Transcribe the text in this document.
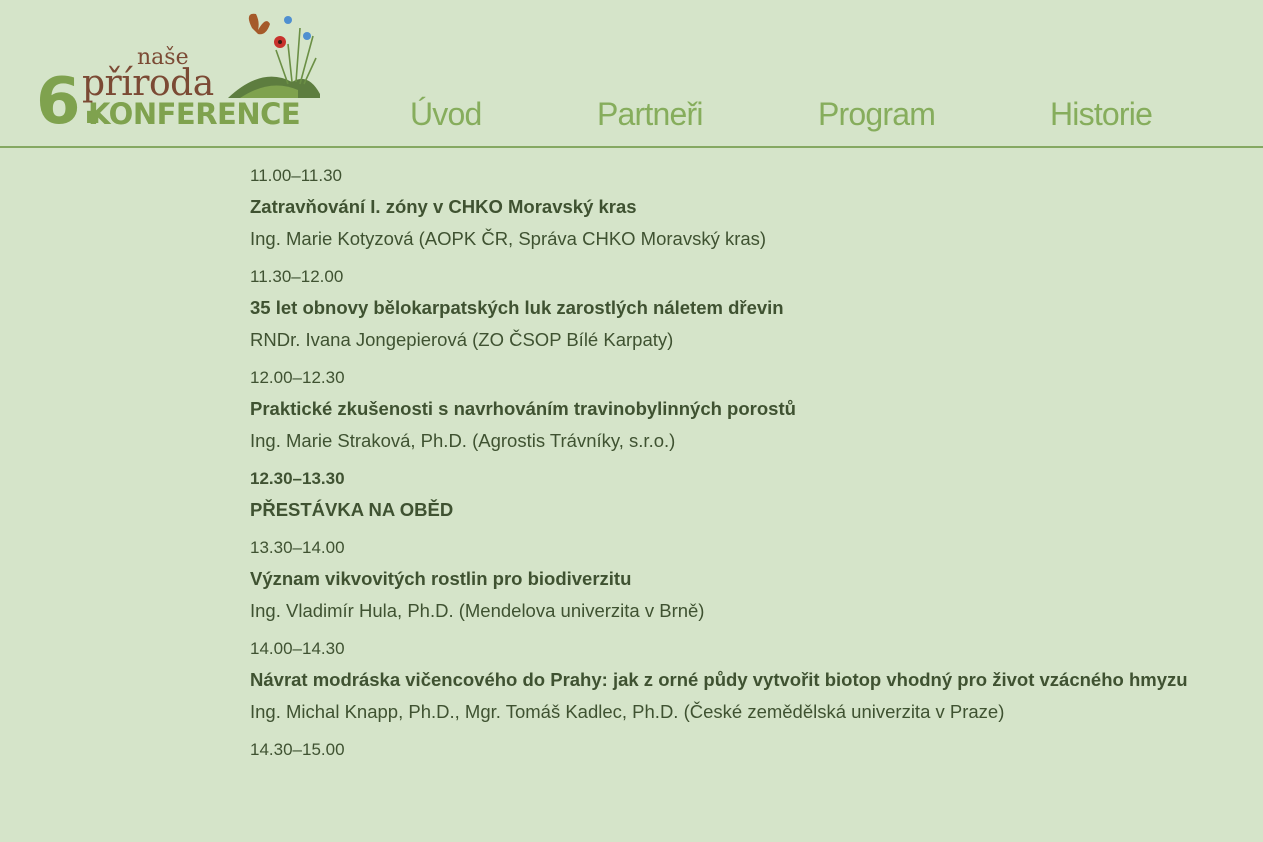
6.
naše
příroda
KONFERENCE	Úvod	Partneři	Program	Historie
11.00–11.30
Zatravňování I. zóny v CHKO Moravský kras
Ing. Marie Kotyzová (AOPK ČR, Správa CHKO Moravský kras)
11.30–12.00
35 let obnovy bělokarpatských luk zarostlých náletem dřevin
RNDr. Ivana Jongepierová (ZO ČSOP Bílé Karpaty)
12.00–12.30
Praktické zkušenosti s navrhováním travinobylinných porostů
Ing. Marie Straková, Ph.D. (Agrostis Trávníky, s.r.o.)
12.30–13.30
PŘESTÁVKA NA OBĚD
13.30–14.00
Význam vikvovitých rostlin pro biodiverzitu
Ing. Vladimír Hula, Ph.D. (Mendelova univerzita v Brně)
14.00–14.30
Návrat modráska vičencového do Prahy: jak z orné půdy vytvořit biotop vhodný pro život vzácného hmyzu
Ing. Michal Knapp, Ph.D., Mgr. Tomáš Kadlec, Ph.D. (České zemědělská univerzita v Praze)
14.30–15.00
